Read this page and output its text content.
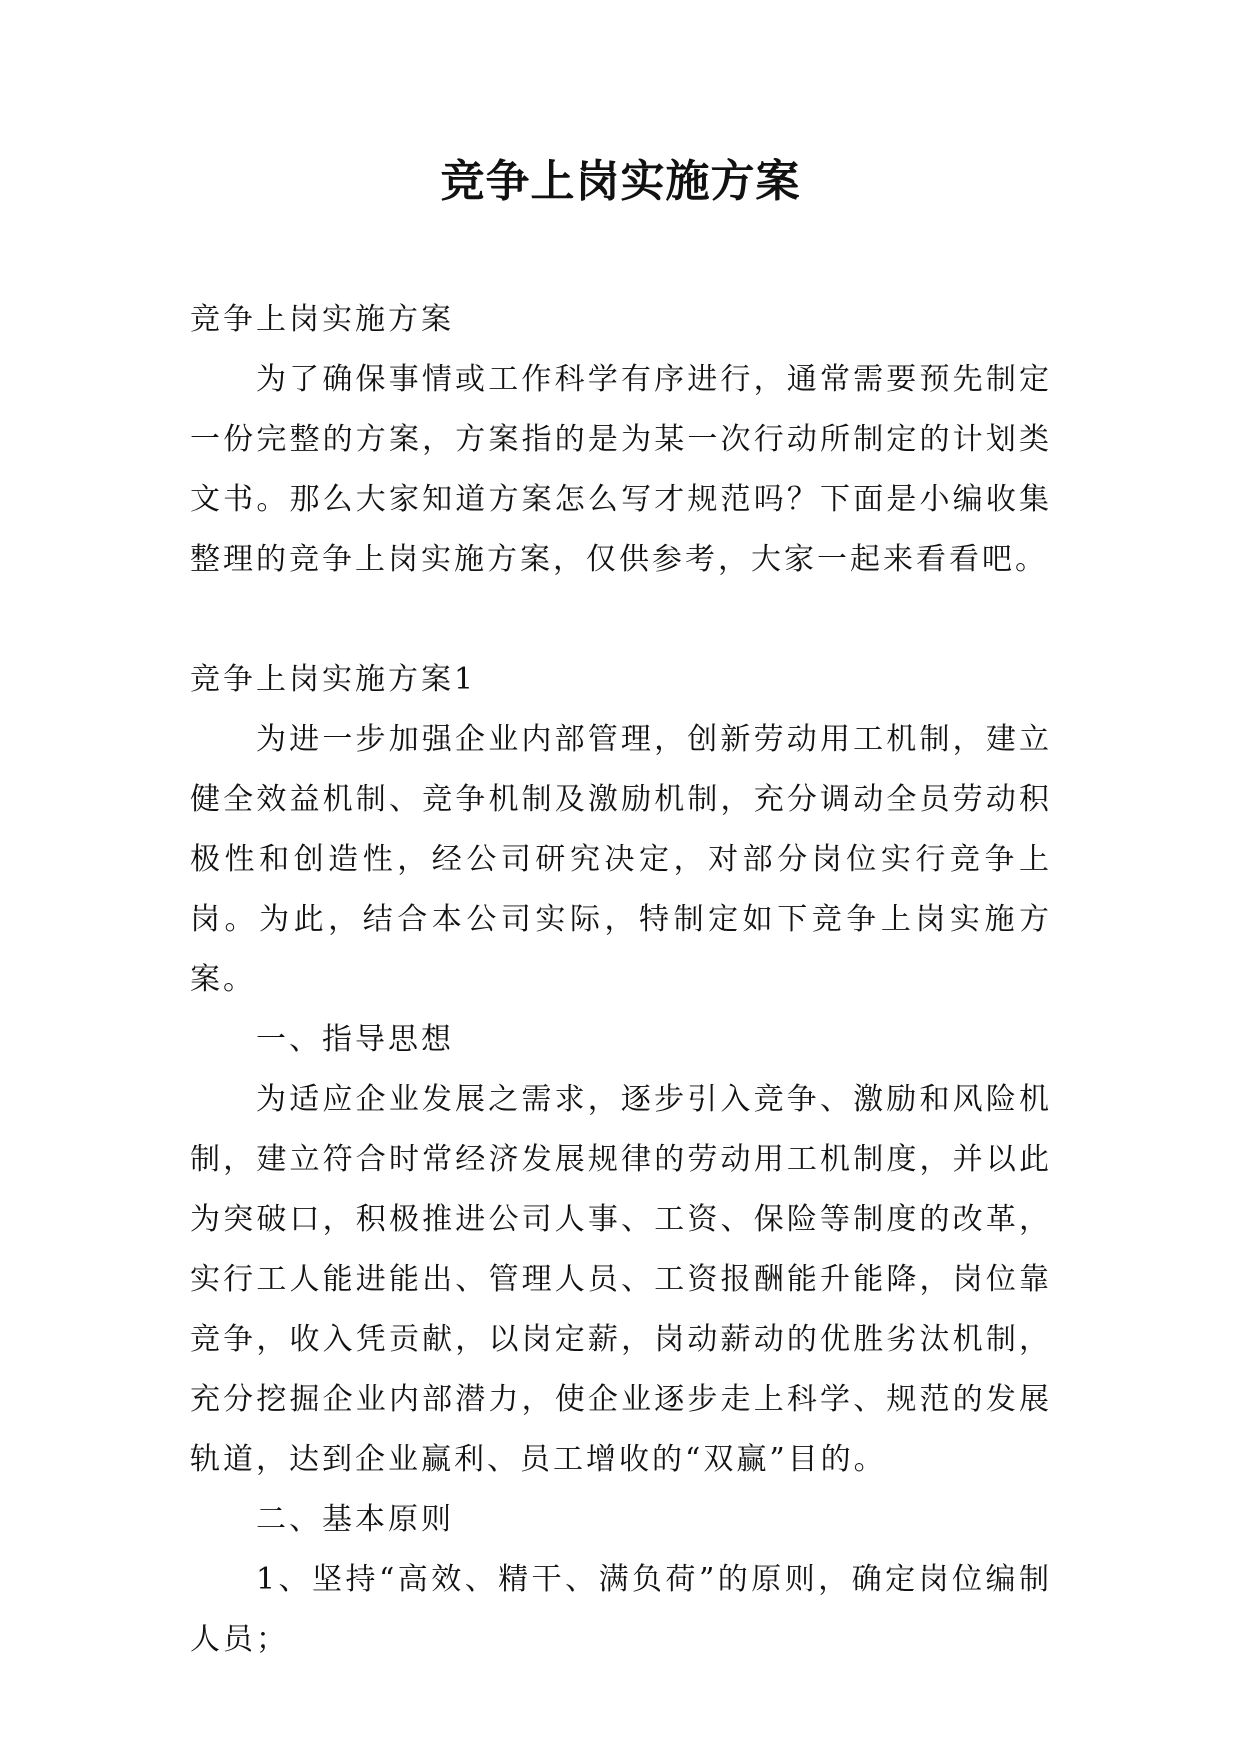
竞争上岗实施方案

竞争上岗实施方案

为了确保事情或工作科学有序进行，通常需要预先制定一份完整的方案，方案指的是为某一次行动所制定的计划类文书。那么大家知道方案怎么写才规范吗？下面是小编收集整理的竞争上岗实施方案，仅供参考，大家一起来看看吧。

竞争上岗实施方案1

为进一步加强企业内部管理，创新劳动用工机制，建立健全效益机制、竞争机制及激励机制，充分调动全员劳动积极性和创造性，经公司研究决定，对部分岗位实行竞争上岗。为此，结合本公司实际，特制定如下竞争上岗实施方案。

一、指导思想

为适应企业发展之需求，逐步引入竞争、激励和风险机制，建立符合时常经济发展规律的劳动用工机制度，并以此为突破口，积极推进公司人事、工资、保险等制度的改革，实行工人能进能出、管理人员、工资报酬能升能降，岗位靠竞争，收入凭贡献，以岗定薪，岗动薪动的优胜劣汰机制，充分挖掘企业内部潜力，使企业逐步走上科学、规范的发展轨道，达到企业赢利、员工增收的“双赢”目的。

二、基本原则

1、坚持“高效、精干、满负荷”的原则，确定岗位编制人员；
